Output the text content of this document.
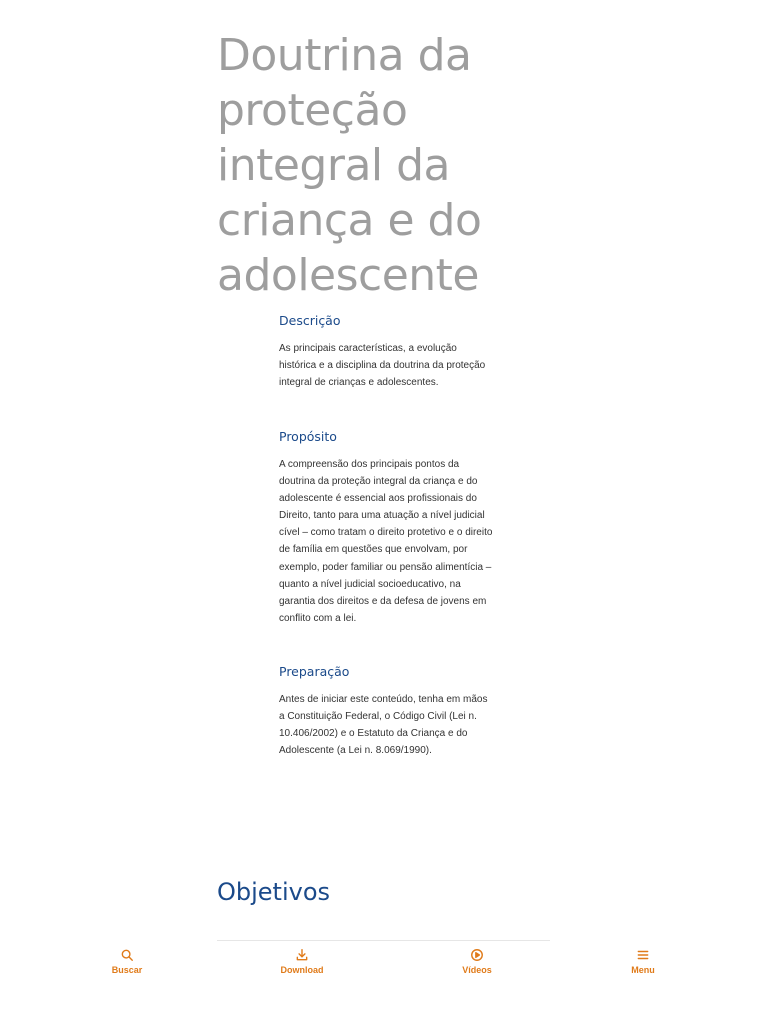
Doutrina da proteção integral da criança e do adolescente
Descrição

As principais características, a evolução histórica e a disciplina da doutrina da proteção integral de crianças e adolescentes.

Propósito

A compreensão dos principais pontos da doutrina da proteção integral da criança e do adolescente é essencial aos profissionais do Direito, tanto para uma atuação a nível judicial cível – como tratam o direito protetivo e o direito de família em questões que envolvam, por exemplo, poder familiar ou pensão alimentícia – quanto a nível judicial socioeducativo, na garantia dos direitos e da defesa de jovens em conflito com a lei.

Preparação

Antes de iniciar este conteúdo, tenha em mãos a Constituição Federal, o Código Civil (Lei n. 10.406/2002) e o Estatuto da Criança e do Adolescente (a Lei n. 8.069/1990).

Objetivos
Buscar	Download	Vídeos	Menu
